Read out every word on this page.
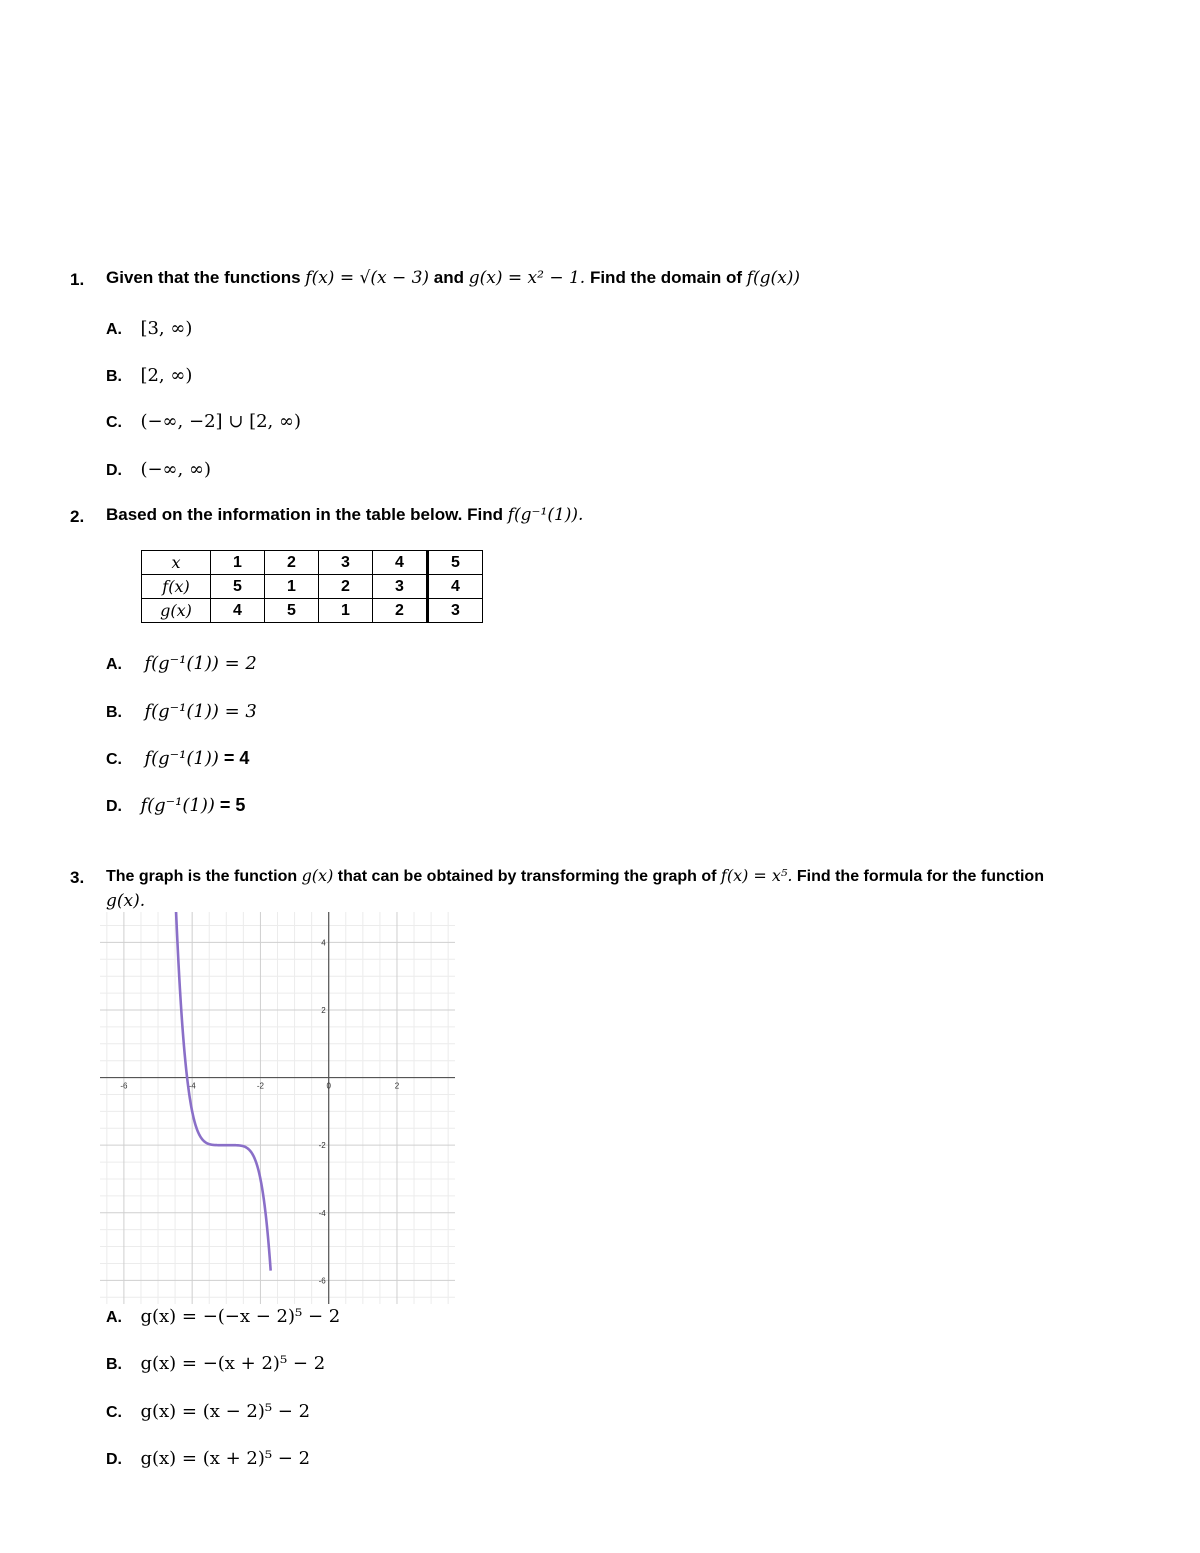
1. Given that the functions f(x) = √(x − 3) and g(x) = x² − 1. Find the domain of f(g(x))
A. [3, ∞)
B. [2, ∞)
C. (−∞, −2] ∪ [2, ∞)
D. (−∞, ∞)
2. Based on the information in the table below. Find f(g⁻¹(1)).
x	1	2	3	4	5
f(x)	5	1	2	3	4
g(x)	4	5	1	2	3
A. f(g⁻¹(1)) = 2
B. f(g⁻¹(1)) = 3
C. f(g⁻¹(1)) = 4
D. f(g⁻¹(1)) = 5
3. The graph is the function g(x) that can be obtained by transforming the graph of f(x) = x⁵. Find the formula for the function
g(x).
-6	-4	-2	0	2
4
2
-2
-4
-6
A. g(x) = −(−x − 2)⁵ − 2
B. g(x) = −(x + 2)⁵ − 2
C. g(x) = (x − 2)⁵ − 2
D. g(x) = (x + 2)⁵ − 2
